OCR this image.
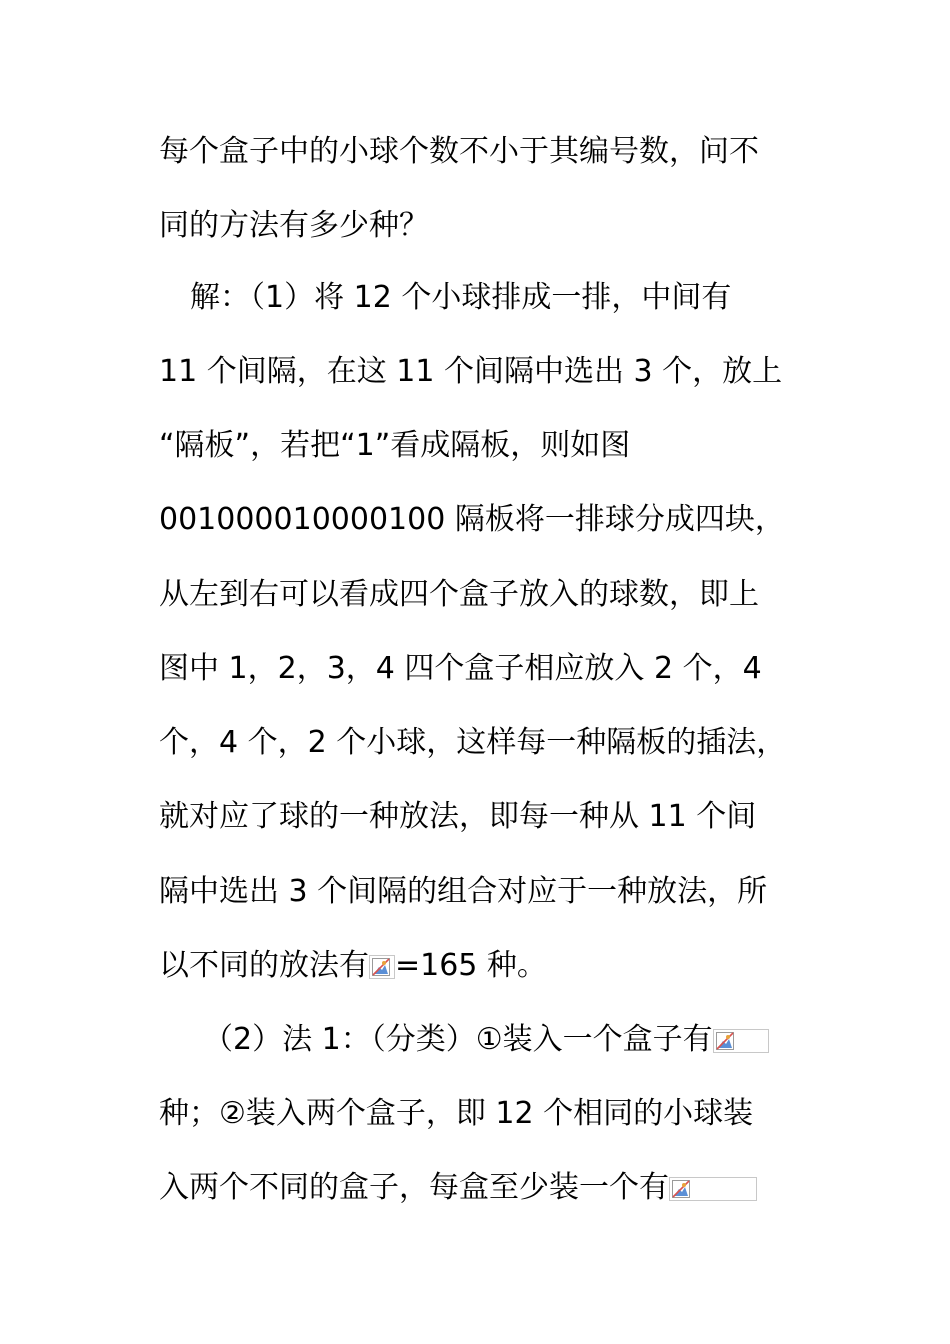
每个盒子中的小球个数不小于其编号数，问不
同的方法有多少种？
解：（1）将 12 个小球排成一排，中间有
11 个间隔，在这 11 个间隔中选出 3 个，放上
“隔板”，若把“1”看成隔板，则如图
001000010000100 隔板将一排球分成四块，
从左到右可以看成四个盒子放入的球数，即上
图中 1，2，3，4 四个盒子相应放入 2 个，4
个，4 个，2 个小球，这样每一种隔板的插法，
就对应了球的一种放法，即每一种从 11 个间
隔中选出 3 个间隔的组合对应于一种放法，所
以不同的放法有 =165 种。
（2）法 1：（分类）①装入一个盒子有
种；②装入两个盒子，即 12 个相同的小球装
入两个不同的盒子，每盒至少装一个有
